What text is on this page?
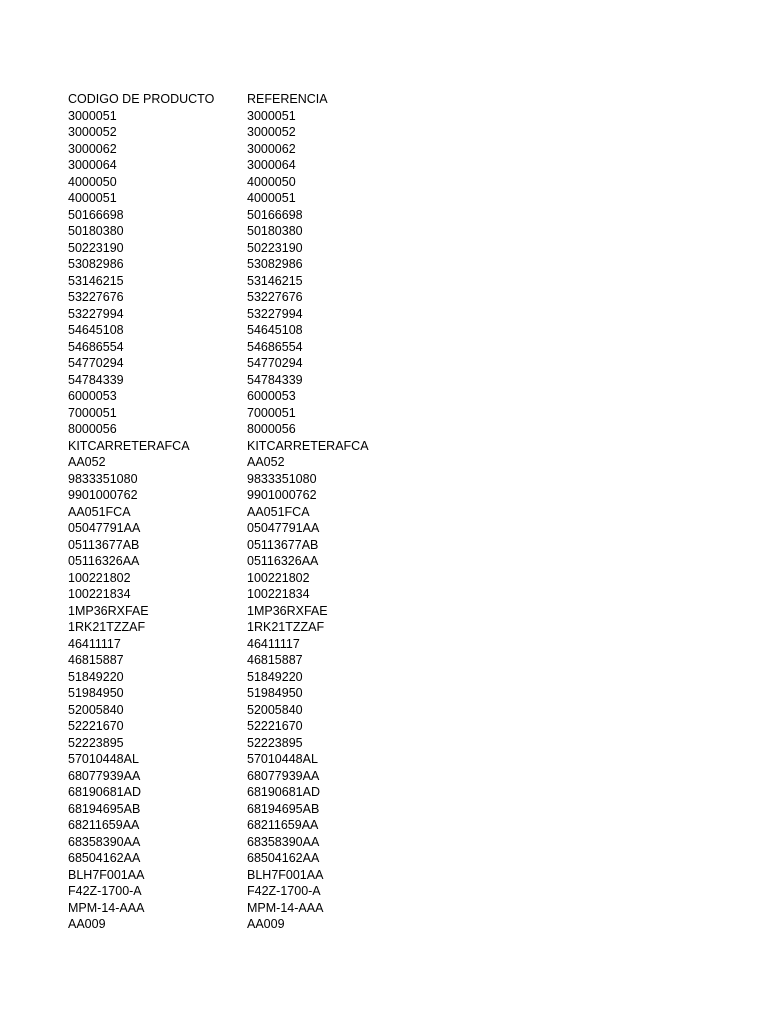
CODIGO DE PRODUCTO	REFERENCIA
3000051	3000051
3000052	3000052
3000062	3000062
3000064	3000064
4000050	4000050
4000051	4000051
50166698	50166698
50180380	50180380
50223190	50223190
53082986	53082986
53146215	53146215
53227676	53227676
53227994	53227994
54645108	54645108
54686554	54686554
54770294	54770294
54784339	54784339
6000053	6000053
7000051	7000051
8000056	8000056
KITCARRETERAFCA	KITCARRETERAFCA
AA052	AA052
9833351080	9833351080
9901000762	9901000762
AA051FCA	AA051FCA
05047791AA	05047791AA
05113677AB	05113677AB
05116326AA	05116326AA
100221802	100221802
100221834	100221834
1MP36RXFAE	1MP36RXFAE
1RK21TZZAF	1RK21TZZAF
46411117	46411117
46815887	46815887
51849220	51849220
51984950	51984950
52005840	52005840
52221670	52221670
52223895	52223895
57010448AL	57010448AL
68077939AA	68077939AA
68190681AD	68190681AD
68194695AB	68194695AB
68211659AA	68211659AA
68358390AA	68358390AA
68504162AA	68504162AA
BLH7F001AA	BLH7F001AA
F42Z-1700-A	F42Z-1700-A
MPM-14-AAA	MPM-14-AAA
AA009	AA009
